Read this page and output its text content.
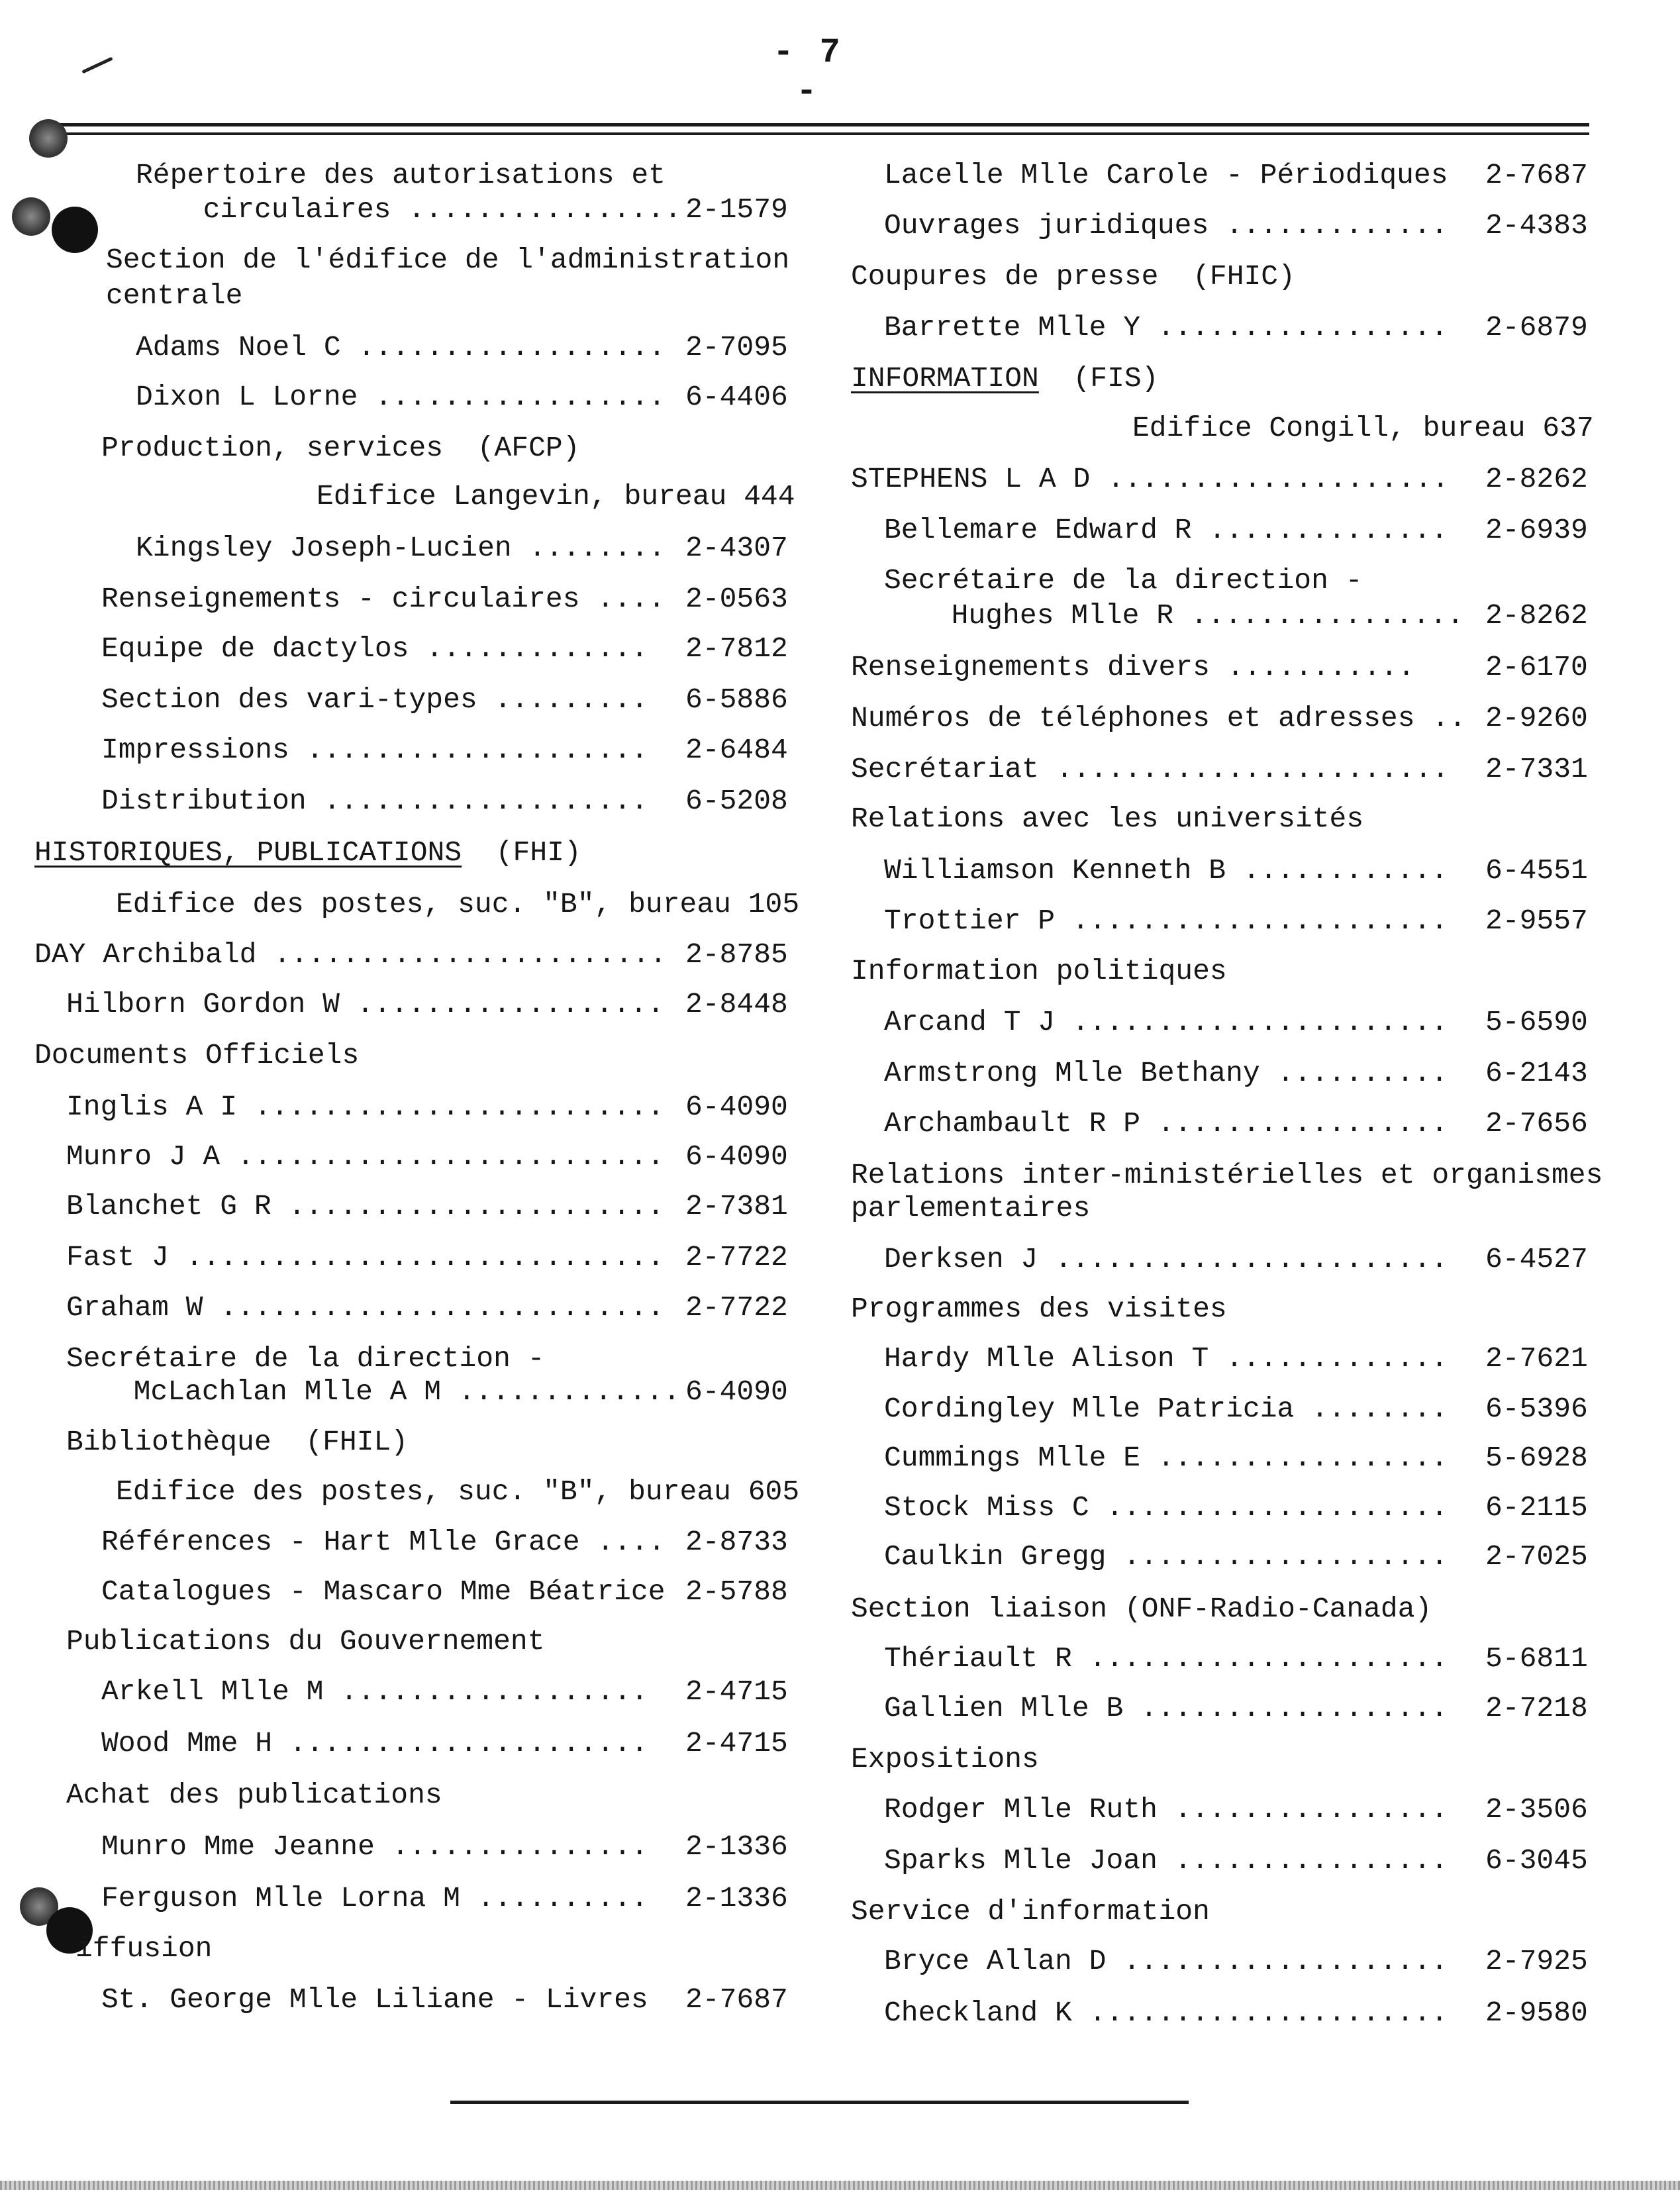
- 7 -
Répertoire des autorisations et
circulaires ................ 2-1579
Section de l'édifice de l'administration
centrale
Adams Noel C .................. 2-7095
Dixon L Lorne ................. 6-4406
Production, services  (AFCP)
Edifice Langevin, bureau 444
Kingsley Joseph-Lucien ........ 2-4307
Renseignements - circulaires .... 2-0563
Equipe de dactylos ............. 2-7812
Section des vari-types ......... 6-5886
Impressions .................... 2-6484
Distribution ................... 6-5208
HISTORIQUES, PUBLICATIONS  (FHI)
Edifice des postes, suc. "B", bureau 105
DAY Archibald ....................... 2-8785
Hilborn Gordon W .................. 2-8448
Documents Officiels
Inglis A I ........................ 6-4090
Munro J A ......................... 6-4090
Blanchet G R ...................... 2-7381
Fast J ............................ 2-7722
Graham W .......................... 2-7722
Secrétaire de la direction -
McLachlan Mlle A M ............. 6-4090
Bibliothèque  (FHIL)
Edifice des postes, suc. "B", bureau 605
Références - Hart Mlle Grace .... 2-8733
Catalogues - Mascaro Mme Béatrice 2-5788
Publications du Gouvernement
Arkell Mlle M .................. 2-4715
Wood Mme H ..................... 2-4715
Achat des publications
Munro Mme Jeanne ............... 2-1336
Ferguson Mlle Lorna M .......... 2-1336
iffusion
St. George Mlle Liliane - Livres 2-7687
Lacelle Mlle Carole - Périodiques 2-7687
Ouvrages juridiques ............. 2-4383
Coupures de presse  (FHIC)
Barrette Mlle Y ................. 2-6879
INFORMATION  (FIS)
Edifice Congill, bureau 637
STEPHENS L A D .................... 2-8262
Bellemare Edward R .............. 2-6939
Secrétaire de la direction -
Hughes Mlle R ................ 2-8262
Renseignements divers ........... 2-6170
Numéros de téléphones et adresses .. 2-9260
Secrétariat ....................... 2-7331
Relations avec les universités
Williamson Kenneth B ............ 6-4551
Trottier P ...................... 2-9557
Information politiques
Arcand T J ...................... 5-6590
Armstrong Mlle Bethany .......... 6-2143
Archambault R P ................. 2-7656
Relations inter-ministérielles et organismes
parlementaires
Derksen J ....................... 6-4527
Programmes des visites
Hardy Mlle Alison T ............. 2-7621
Cordingley Mlle Patricia ........ 6-5396
Cummings Mlle E ................. 5-6928
Stock Miss C .................... 6-2115
Caulkin Gregg ................... 2-7025
Section liaison (ONF-Radio-Canada)
Thériault R ..................... 5-6811
Gallien Mlle B .................. 2-7218
Expositions
Rodger Mlle Ruth ................ 2-3506
Sparks Mlle Joan ................ 6-3045
Service d'information
Bryce Allan D ................... 2-7925
Checkland K ..................... 2-9580
